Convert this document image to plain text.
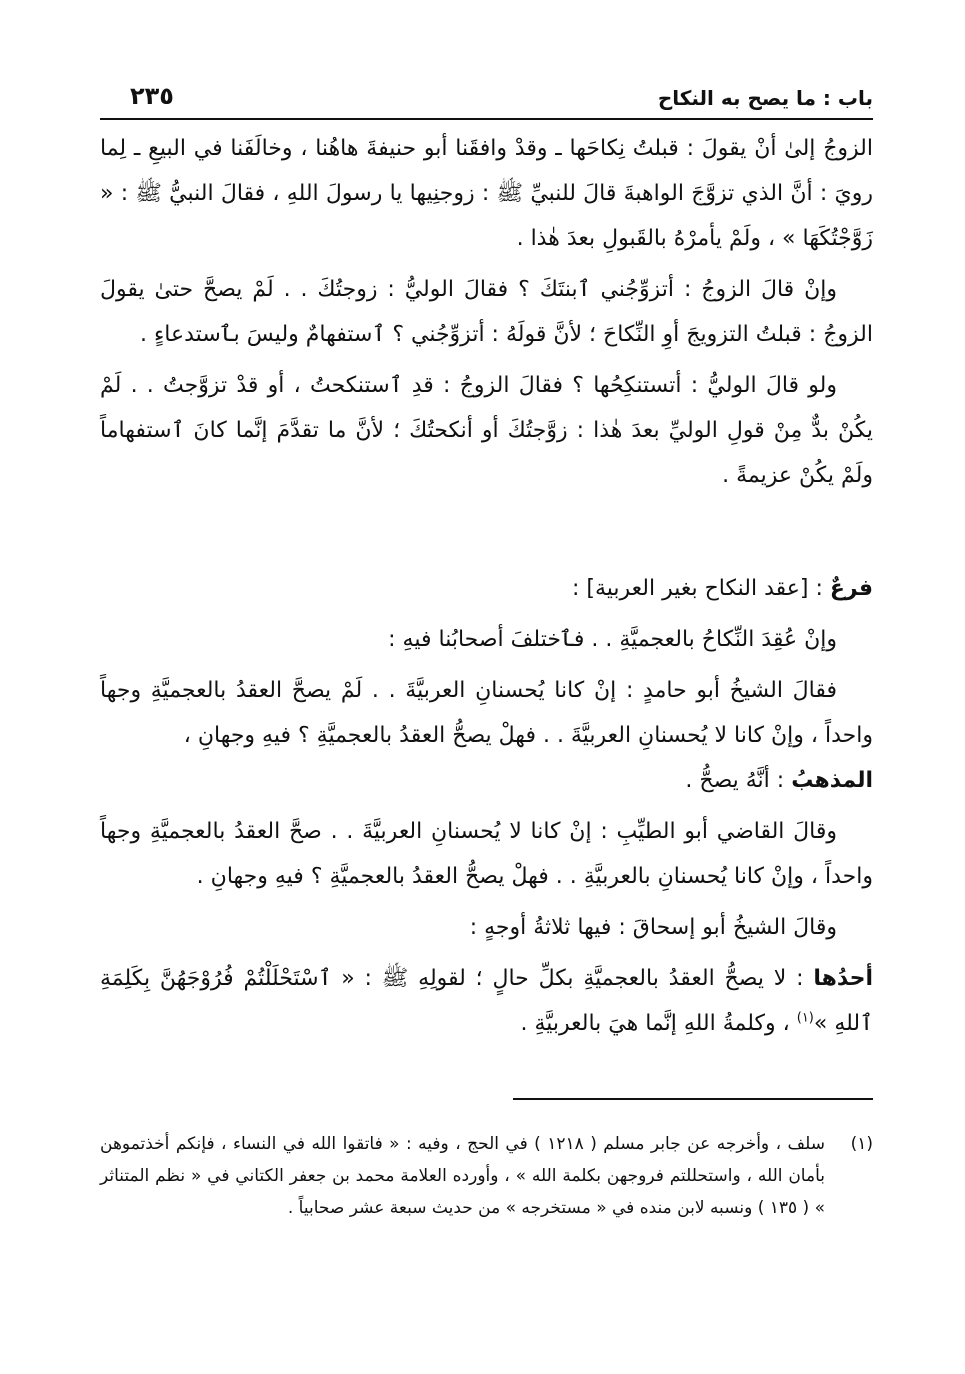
باب : ما يصح به النكاح
٢٣٥

الزوجُ إلىٰ أنْ يقولَ : قبلتُ نِكاحَها ـ وقدْ وافقَنا أبو حنيفةَ هاهُنا ، وخالَفَنا في البيعِ ـ لِما رويَ : أنَّ الذي تزوَّجَ الواهبةَ قالَ للنبيِّ ﷺ : زوجنِيها يا رسولَ اللهِ ، فقالَ النبيُّ ﷺ : « زَوَّجْتُكَهَا » ، ولَمْ يأمرْهُ بالقَبولِ بعدَ هٰذا .

وإنْ قالَ الزوجُ : أتزوِّجُني ٱبنتَكَ ؟ فقالَ الوليُّ : زوجتُكَ . . لَمْ يصحَّ حتىٰ يقولَ الزوجُ : قبلتُ التزويجَ أوِ النِّكاحَ ؛ لأنَّ قولَهُ : أتزوِّجُني ؟ ٱستفهامٌ وليسَ بٱستدعاءٍ .

ولو قالَ الوليُّ : أتستنكِحُها ؟ فقالَ الزوجُ : قدِ ٱستنكحتُ ، أو قدْ تزوَّجتُ . . لَمْ يكُنْ بدٌّ مِنْ قولِ الوليِّ بعدَ هٰذا : زوَّجتُكَ أو أنكحتُكَ ؛ لأنَّ ما تقدَّمَ إنَّما كانَ ٱستفهاماً ولَمْ يكُنْ عزيمةً .

فرعٌ : [عقد النكاح بغير العربية] :

وإنْ عُقِدَ النِّكاحُ بالعجميَّةِ . . فٱختلفَ أصحابُنا فيهِ :

فقالَ الشيخُ أبو حامدٍ : إنْ كانا يُحسنانِ العربيَّةَ . . لَمْ يصحَّ العقدُ بالعجميَّةِ وجهاً واحداً ، وإنْ كانا لا يُحسنانِ العربيَّةَ . . فهلْ يصحُّ العقدُ بالعجميَّةِ ؟ فيهِ وجهانِ ،
المذهبُ : أنَّهُ يصحُّ .

وقالَ القاضي أبو الطيِّبِ : إنْ كانا لا يُحسنانِ العربيَّةَ . . صحَّ العقدُ بالعجميَّةِ وجهاً واحداً ، وإنْ كانا يُحسنانِ بالعربيَّةِ . . فهلْ يصحُّ العقدُ بالعجميَّةِ ؟ فيهِ وجهانِ .

وقالَ الشيخُ أبو إسحاقَ : فيها ثلاثةُ أوجهٍ :

أحدُها : لا يصحُّ العقدُ بالعجميَّةِ بكلِّ حالٍ ؛ لقولِهِ ﷺ : « ٱسْتَحْلَلْتُمْ فُرُوْجَهُنَّ بِكَلِمَةِ ٱللهِ »$^{(١)}$ ، وكلمةُ اللهِ إنَّما هيَ بالعربيَّةِ .

(١)
سلف ، وأخرجه عن جابر مسلم ( ١٢١٨ ) في الحج ، وفيه : « فاتقوا الله في النساء ، فإنكم أخذتموهن بأمان الله ، واستحللتم فروجهن بكلمة الله » ، وأورده العلامة محمد بن جعفر الكتاني في « نظم المتناثر » ( ١٣٥ ) ونسبه لابن منده في « مستخرجه » من حديث سبعة عشر صحابياً .
